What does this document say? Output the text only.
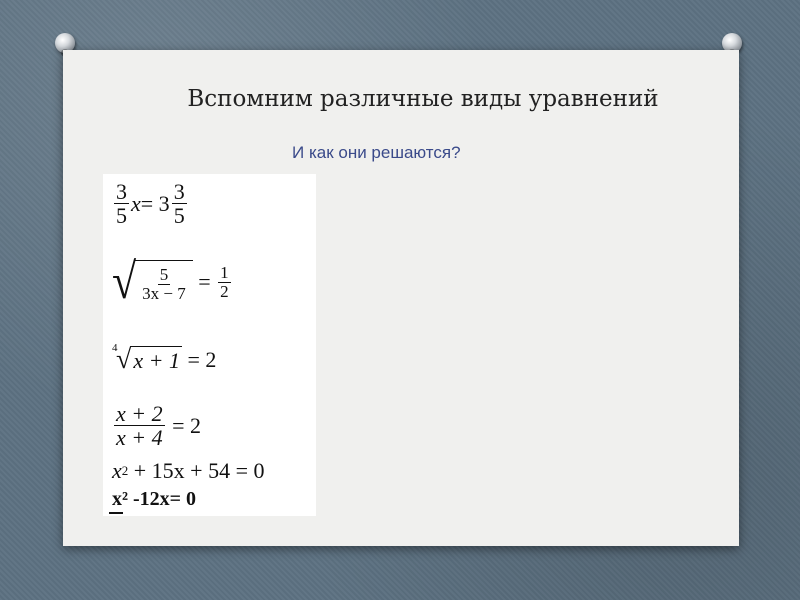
Вспомним различные виды уравнений
И как они решаются?
$\frac{3}{5}$ $x = 3 \frac{3}{5}$
√ $\frac{5}{3x - 7} = \frac{1}{2}$
4
√ x + 1 = 2
$\frac{x + 2}{x + 4} = 2$
x 2 + 15x + 54 = 0
x² -12x= 0
